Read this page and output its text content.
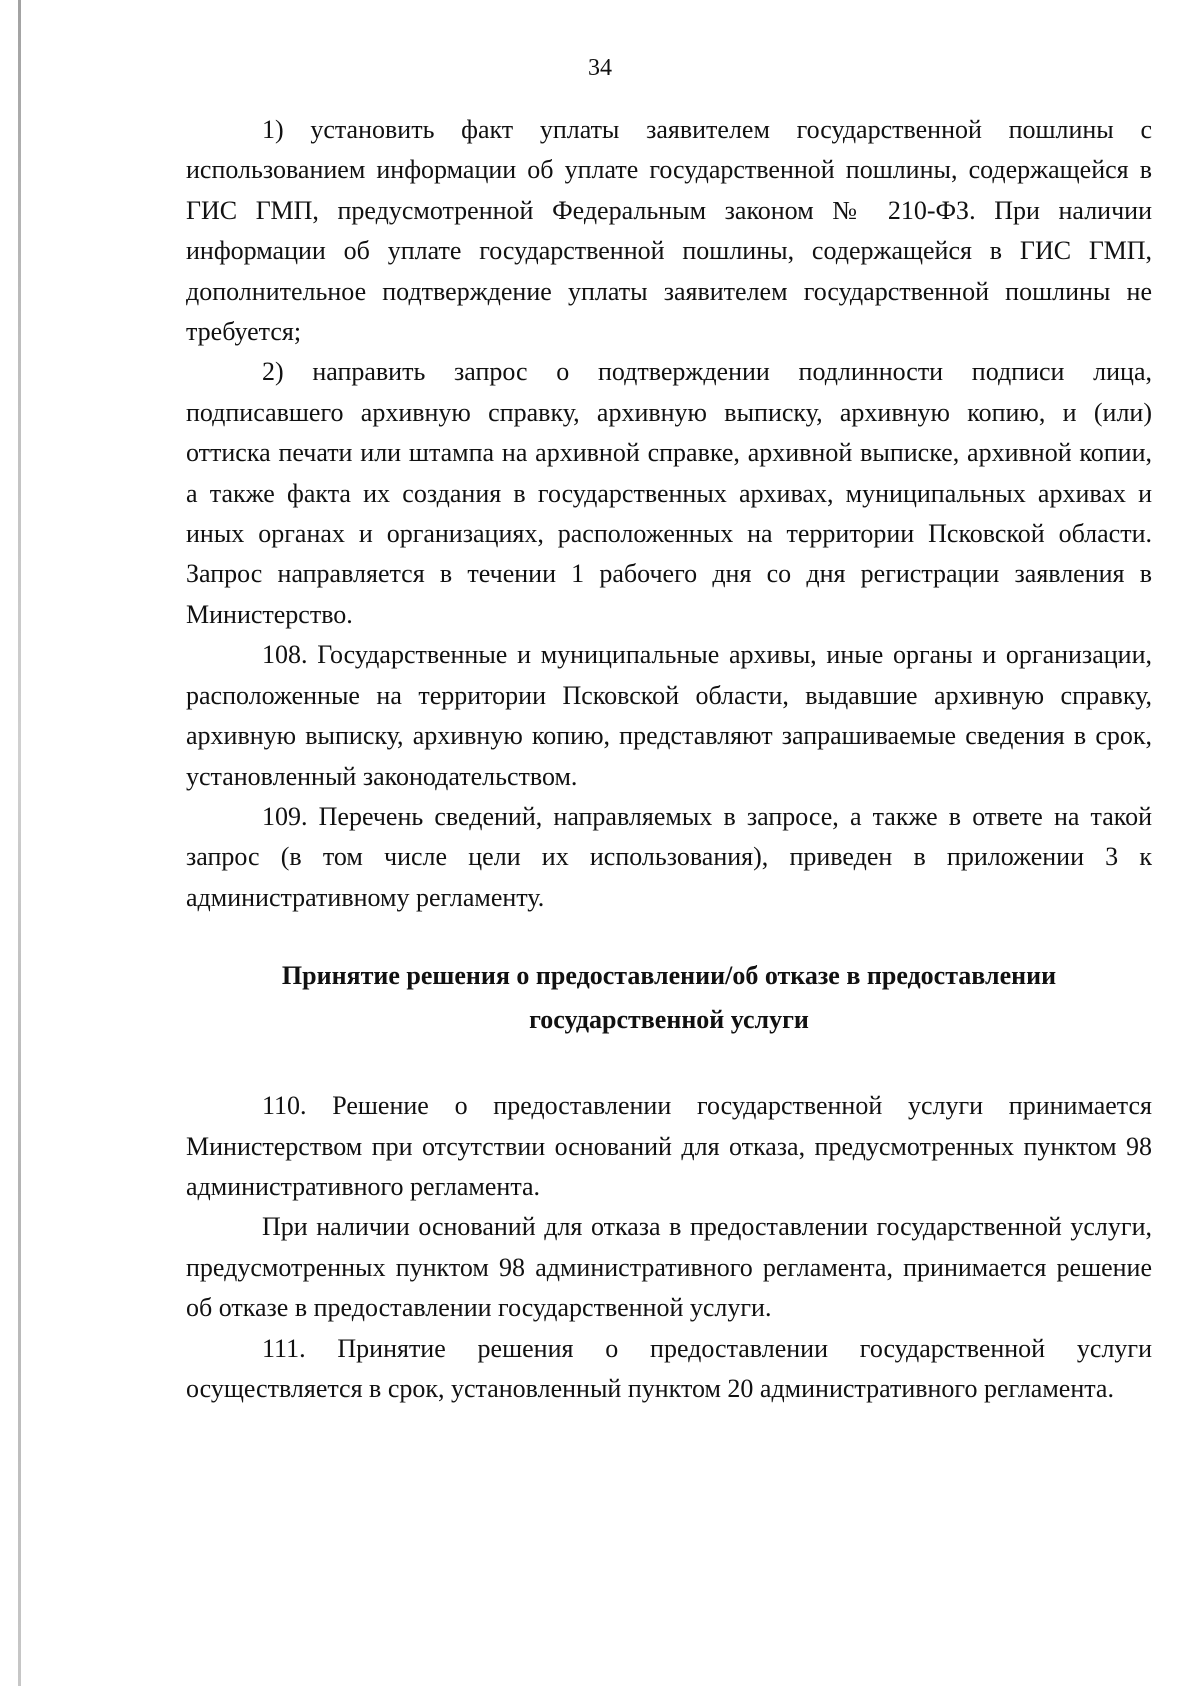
34

1) установить факт уплаты заявителем государственной пошлины с использованием информации об уплате государственной пошлины, содержащейся в ГИС ГМП, предусмотренной Федеральным законом № 210-ФЗ. При наличии информации об уплате государственной пошлины, содержащейся в ГИС ГМП, дополнительное подтверждение уплаты заявителем государственной пошлины не требуется;

2) направить запрос о подтверждении подлинности подписи лица, подписавшего архивную справку, архивную выписку, архивную копию, и (или) оттиска печати или штампа на архивной справке, архивной выписке, архивной копии, а также факта их создания в государственных архивах, муниципальных архивах и иных органах и организациях, расположенных на территории Псковской области. Запрос направляется в течении 1 рабочего дня со дня регистрации заявления в Министерство.

108. Государственные и муниципальные архивы, иные органы и организации, расположенные на территории Псковской области, выдавшие архивную справку, архивную выписку, архивную копию, представляют запрашиваемые сведения в срок, установленный законодательством.

109. Перечень сведений, направляемых в запросе, а также в ответе на такой запрос (в том числе цели их использования), приведен в приложении 3 к административному регламенту.

Принятие решения о предоставлении/об отказе в предоставлении
государственной услуги

110. Решение о предоставлении государственной услуги принимается Министерством при отсутствии оснований для отказа, предусмотренных пунктом 98 административного регламента.

При наличии оснований для отказа в предоставлении государственной услуги, предусмотренных пунктом 98 административного регламента, принимается решение об отказе в предоставлении государственной услуги.

111. Принятие решения о предоставлении государственной услуги осуществляется в срок, установленный пунктом 20 административного регламента.
